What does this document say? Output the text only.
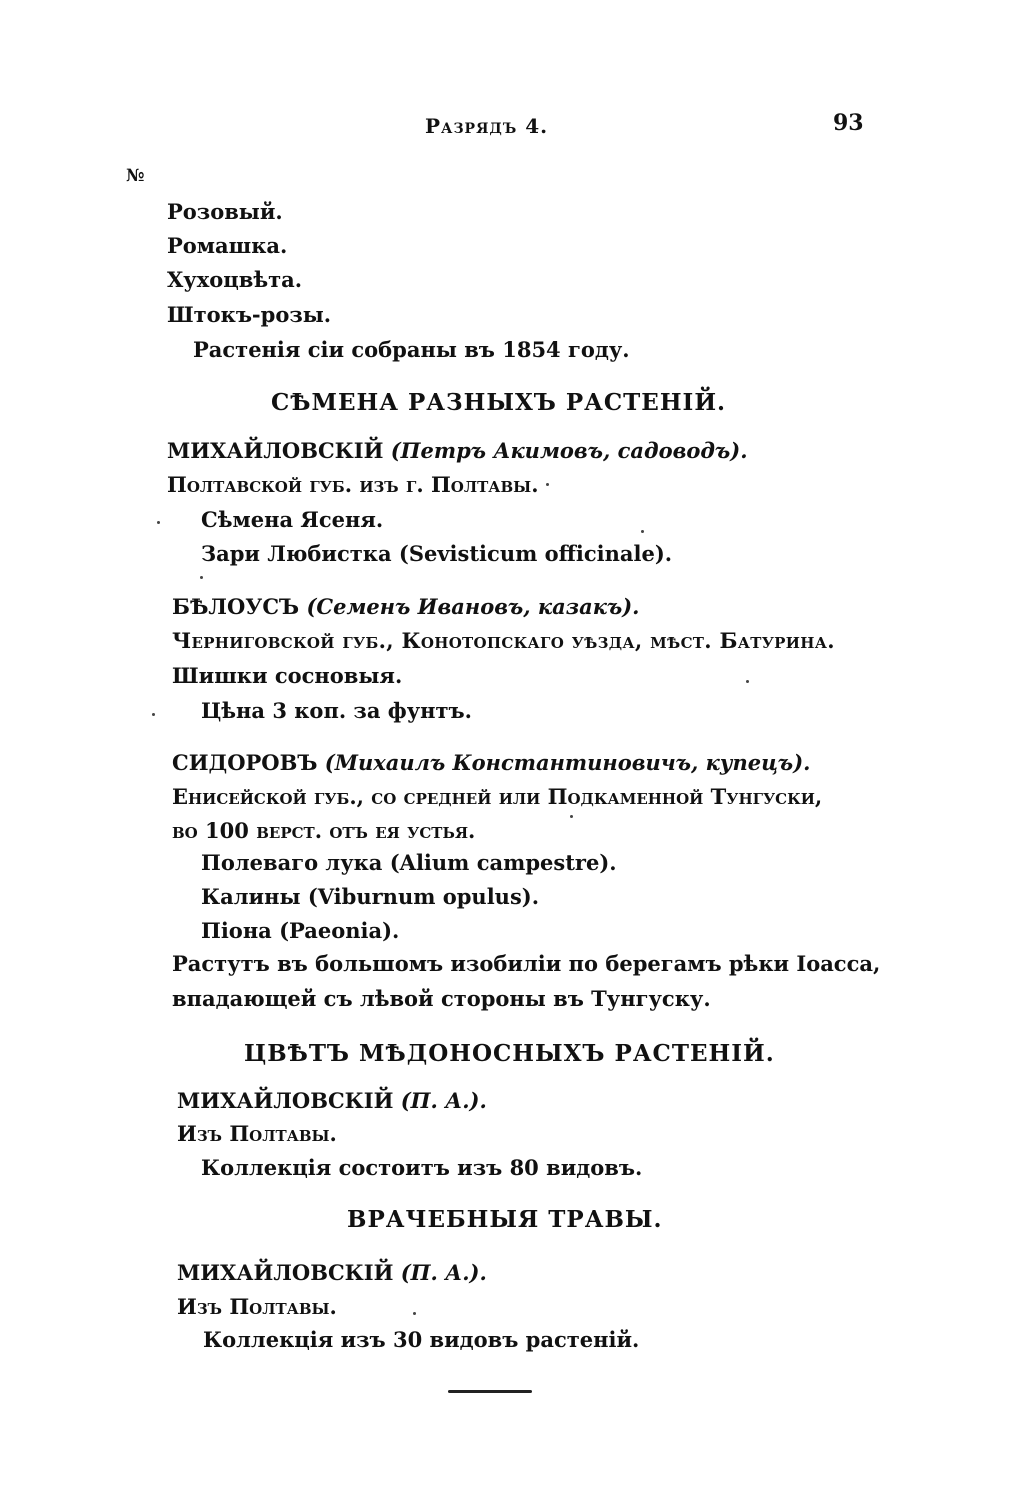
Разрядъ 4.	93
№
Розовый.
Ромашка.
Хухоцвѣта.
Штокъ-розы.
Растенія сіи собраны въ 1854 году.
СѢМЕНА РАЗНЫХЪ РАСТЕНІЙ.
МИХАЙЛОВСКІЙ (Петръ Акимовъ, садоводъ).
Полтавской губ. изъ г. Полтавы.
Сѣмена Ясеня.
Зари Любистка (Sevisticum officinale).
БѢЛОУСЪ (Семенъ Ивановъ, казакъ).
Черниговской губ., Конотопскаго уѣзда, мѣст. Батурина.
Шишки сосновыя.
Цѣна 3 коп. за фунтъ.
СИДОРОВЪ (Михаилъ Константиновичъ, купецъ).
Енисейской губ., со средней или Подкаменной Тунгуски,
во 100 верст. отъ ея устья.
Полеваго лука (Alium campestre).
Калины (Viburnum opulus).
Піона (Paeonia).
Растутъ въ большомъ изобиліи по берегамъ рѣки Іоасса,
впадающей съ лѣвой стороны въ Тунгуску.
ЦВѢТЪ МѢДОНОСНЫХЪ РАСТЕНІЙ.
МИХАЙЛОВСКІЙ (П. А.).
Изъ Полтавы.
Коллекція состоитъ изъ 80 видовъ.
ВРАЧЕБНЫЯ ТРАВЫ.
МИХАЙЛОВСКІЙ (П. А.).
Изъ Полтавы.
Коллекція изъ 30 видовъ растеній.
